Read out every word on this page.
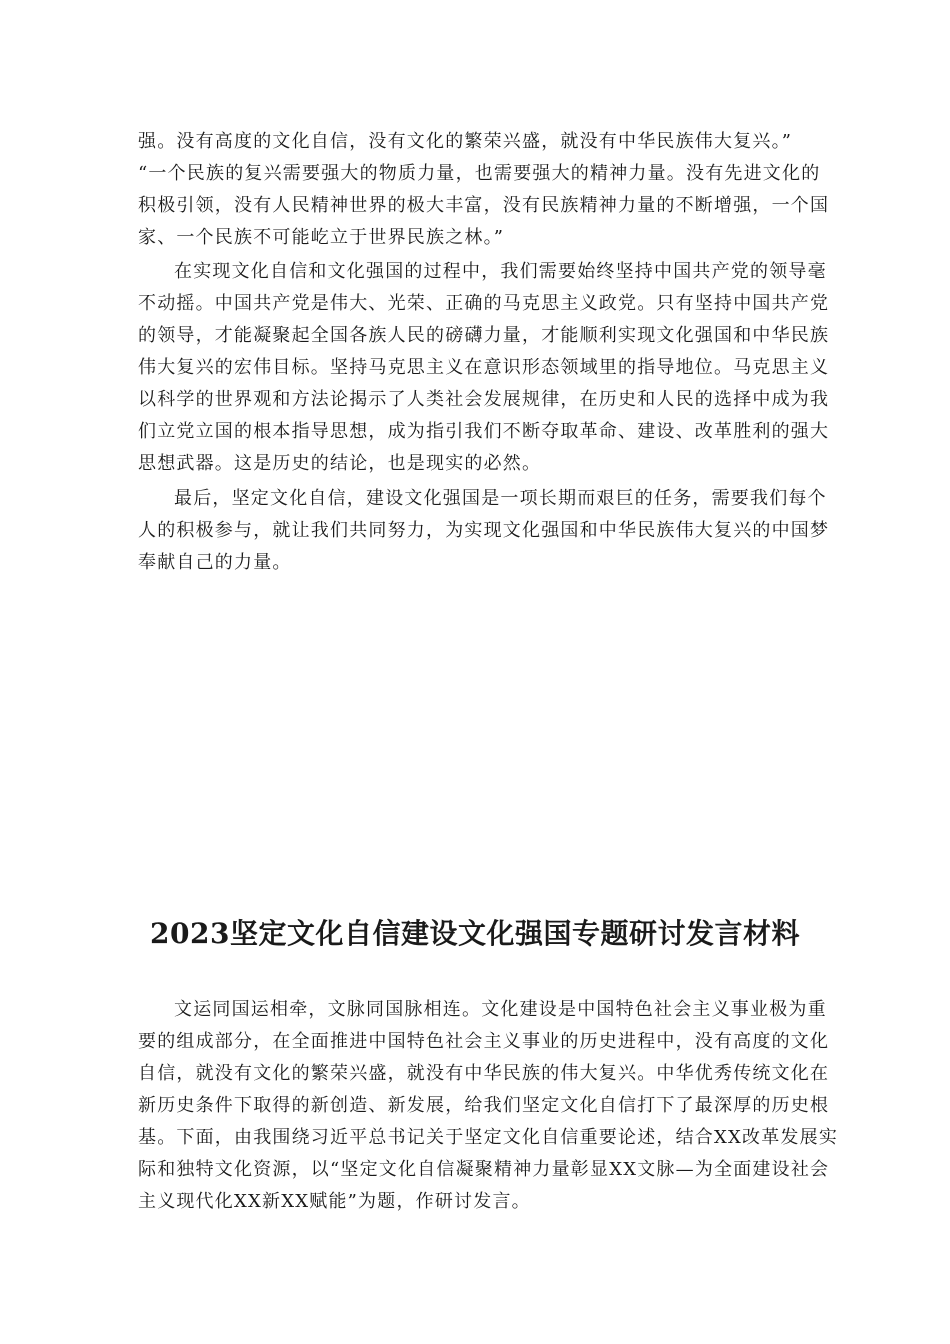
强。没有高度的文化自信，没有文化的繁荣兴盛，就没有中华民族伟大复兴。”
“一个民族的复兴需要强大的物质力量，也需要强大的精神力量。没有先进文化的
积极引领，没有人民精神世界的极大丰富，没有民族精神力量的不断增强，一个国
家、一个民族不可能屹立于世界民族之林。”
在实现文化自信和文化强国的过程中，我们需要始终坚持中国共产党的领导毫
不动摇。中国共产党是伟大、光荣、正确的马克思主义政党。只有坚持中国共产党
的领导，才能凝聚起全国各族人民的磅礴力量，才能顺利实现文化强国和中华民族
伟大复兴的宏伟目标。坚持马克思主义在意识形态领域里的指导地位。马克思主义
以科学的世界观和方法论揭示了人类社会发展规律，在历史和人民的选择中成为我
们立党立国的根本指导思想，成为指引我们不断夺取革命、建设、改革胜利的强大
思想武器。这是历史的结论，也是现实的必然。
最后，坚定文化自信，建设文化强国是一项长期而艰巨的任务，需要我们每个
人的积极参与，就让我们共同努力，为实现文化强国和中华民族伟大复兴的中国梦
奉献自己的力量。
2023坚定文化自信建设文化强国专题研讨发言材料
文运同国运相牵，文脉同国脉相连。文化建设是中国特色社会主义事业极为重
要的组成部分，在全面推进中国特色社会主义事业的历史进程中，没有高度的文化
自信，就没有文化的繁荣兴盛，就没有中华民族的伟大复兴。中华优秀传统文化在
新历史条件下取得的新创造、新发展，给我们坚定文化自信打下了最深厚的历史根
基。下面，由我围绕习近平总书记关于坚定文化自信重要论述，结合XX改革发展实
际和独特文化资源，以“坚定文化自信凝聚精神力量彰显XX文脉—为全面建设社会
主义现代化XX新XX赋能”为题，作研讨发言。
